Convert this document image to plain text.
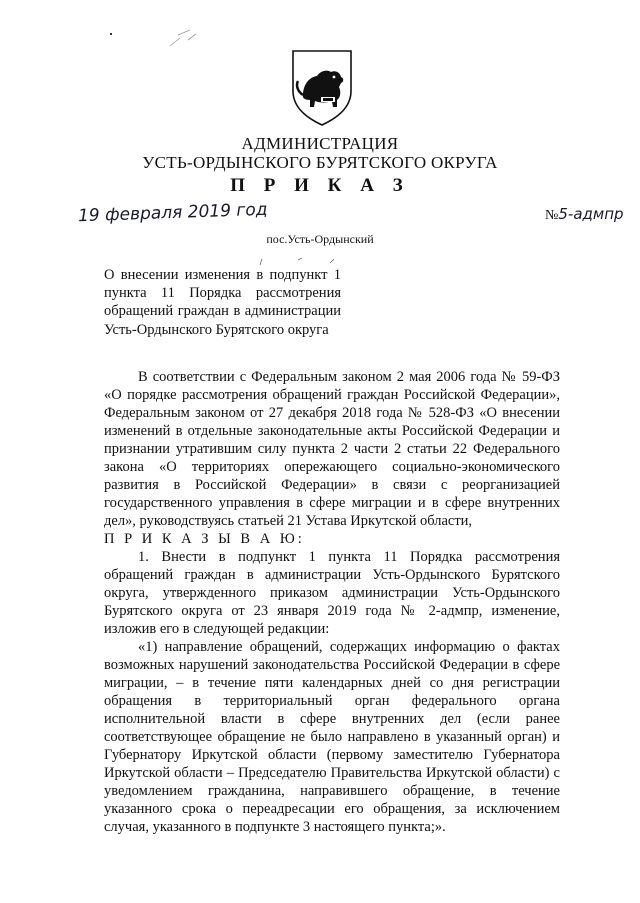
АДМИНИСТРАЦИЯ
УСТЬ-ОРДЫНСКОГО БУРЯТСКОГО ОКРУГА
П Р И К А З
19 февраля 2019 год	№5-адмпр
пос.Усть-Ордынский
О внесении изменения в подпункт 1 пункта 11 Порядка рассмотрения обращений граждан в администрации Усть-Ордынского Бурятского округа

В соответствии с Федеральным законом 2 мая 2006 года № 59-ФЗ «О порядке рассмотрения обращений граждан Российской Федерации», Федеральным законом от 27 декабря 2018 года № 528-ФЗ «О внесении изменений в отдельные законодательные акты Российской Федерации и признании утратившим силу пункта 2 части 2 статьи 22 Федерального закона «О территориях опережающего социально-экономического развития в Российской Федерации» в связи с реорганизацией государственного управления в сфере миграции и в сфере внутренних дел», руководствуясь статьей 21 Устава Иркутской области,

П Р И К А З Ы В А Ю:

1. Внести в подпункт 1 пункта 11 Порядка рассмотрения обращений граждан в администрации Усть-Ордынского Бурятского округа, утвержденного приказом администрации Усть-Ордынского Бурятского округа от 23 января 2019 года № 2-адмпр, изменение, изложив его в следующей редакции:

«1) направление обращений, содержащих информацию о фактах возможных нарушений законодательства Российской Федерации в сфере миграции, – в течение пяти календарных дней со дня регистрации обращения в территориальный орган федерального органа исполнительной власти в сфере внутренних дел (если ранее соответствующее обращение не было направлено в указанный орган) и Губернатору Иркутской области (первому заместителю Губернатора Иркутской области – Председателю Правительства Иркутской области) с уведомлением гражданина, направившего обращение, в течение указанного срока о переадресации его обращения, за исключением случая, указанного в подпункте 3 настоящего пункта;».
